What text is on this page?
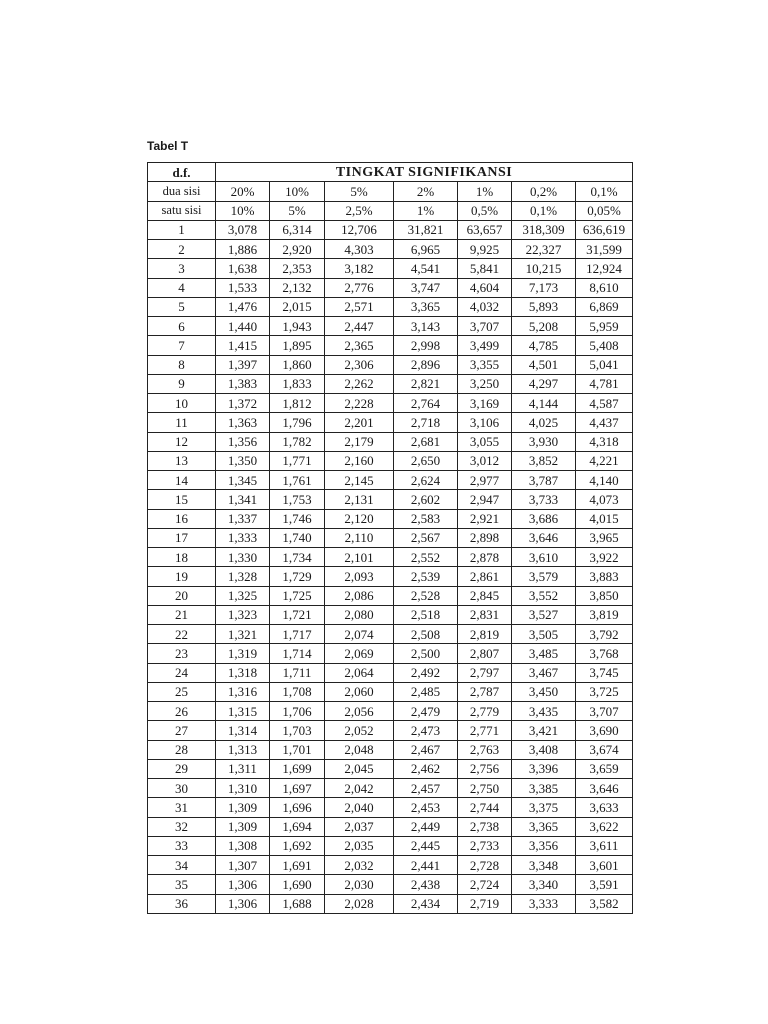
Tabel T
d.f.	TINGKAT SIGNIFIKANSI						
dua sisi	20%	10%	5%	2%	1%	0,2%	0,1%
satu sisi	10%	5%	2,5%	1%	0,5%	0,1%	0,05%
1	3,078	6,314	12,706	31,821	63,657	318,309	636,619
2	1,886	2,920	4,303	6,965	9,925	22,327	31,599
3	1,638	2,353	3,182	4,541	5,841	10,215	12,924
4	1,533	2,132	2,776	3,747	4,604	7,173	8,610
5	1,476	2,015	2,571	3,365	4,032	5,893	6,869
6	1,440	1,943	2,447	3,143	3,707	5,208	5,959
7	1,415	1,895	2,365	2,998	3,499	4,785	5,408
8	1,397	1,860	2,306	2,896	3,355	4,501	5,041
9	1,383	1,833	2,262	2,821	3,250	4,297	4,781
10	1,372	1,812	2,228	2,764	3,169	4,144	4,587
11	1,363	1,796	2,201	2,718	3,106	4,025	4,437
12	1,356	1,782	2,179	2,681	3,055	3,930	4,318
13	1,350	1,771	2,160	2,650	3,012	3,852	4,221
14	1,345	1,761	2,145	2,624	2,977	3,787	4,140
15	1,341	1,753	2,131	2,602	2,947	3,733	4,073
16	1,337	1,746	2,120	2,583	2,921	3,686	4,015
17	1,333	1,740	2,110	2,567	2,898	3,646	3,965
18	1,330	1,734	2,101	2,552	2,878	3,610	3,922
19	1,328	1,729	2,093	2,539	2,861	3,579	3,883
20	1,325	1,725	2,086	2,528	2,845	3,552	3,850
21	1,323	1,721	2,080	2,518	2,831	3,527	3,819
22	1,321	1,717	2,074	2,508	2,819	3,505	3,792
23	1,319	1,714	2,069	2,500	2,807	3,485	3,768
24	1,318	1,711	2,064	2,492	2,797	3,467	3,745
25	1,316	1,708	2,060	2,485	2,787	3,450	3,725
26	1,315	1,706	2,056	2,479	2,779	3,435	3,707
27	1,314	1,703	2,052	2,473	2,771	3,421	3,690
28	1,313	1,701	2,048	2,467	2,763	3,408	3,674
29	1,311	1,699	2,045	2,462	2,756	3,396	3,659
30	1,310	1,697	2,042	2,457	2,750	3,385	3,646
31	1,309	1,696	2,040	2,453	2,744	3,375	3,633
32	1,309	1,694	2,037	2,449	2,738	3,365	3,622
33	1,308	1,692	2,035	2,445	2,733	3,356	3,611
34	1,307	1,691	2,032	2,441	2,728	3,348	3,601
35	1,306	1,690	2,030	2,438	2,724	3,340	3,591
36	1,306	1,688	2,028	2,434	2,719	3,333	3,582
